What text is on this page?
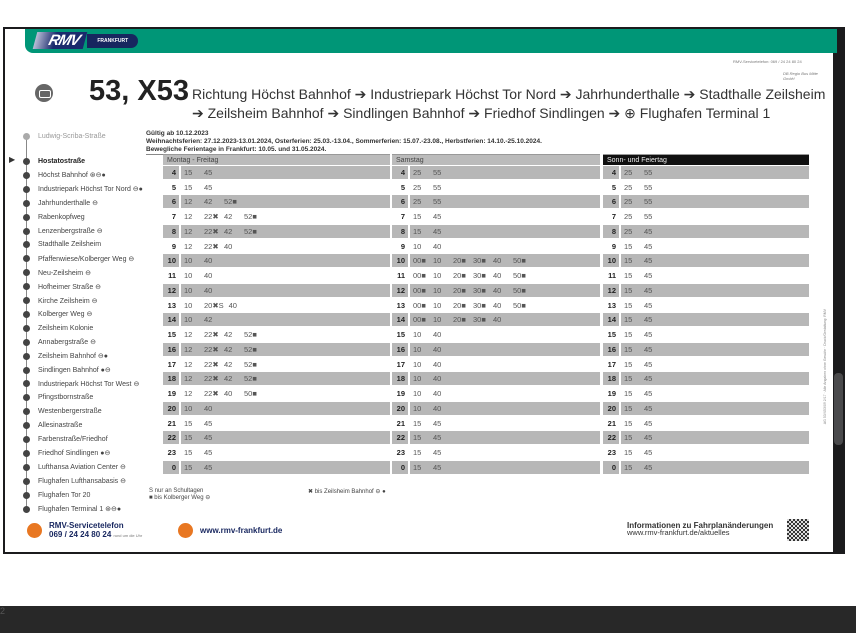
RMV	FRANKFURT
RMV-Servicetelefon: 069 / 24 24 80 24
DB Regio Bus Mitte GmbH
53, X53 Richtung Höchst Bahnhof ➔ Industriepark Höchst Tor Nord ➔ Jahrhunderthalle ➔ Stadthalle Zeilsheim ➔ Zeilsheim Bahnhof ➔ Sindlingen Bahnhof ➔ Friedhof Sindlingen ➔ ⊕ Flughafen Terminal 1
Gültig ab 10.12.2023
Weihnachtsferien: 27.12.2023-13.01.2024, Osterferien: 25.03.-13.04., Sommerferien: 15.07.-23.08., Herbstferien: 14.10.-25.10.2024.
Bewegliche Ferientage in Frankfurt: 10.05. und 31.05.2024.
▶
Ludwig-Scriba-Straße
Hostatostraße
Höchst Bahnhof ⊛⊖●
Industriepark Höchst Tor Nord ⊖●
Jahrhunderthalle ⊖
Rabenkopfweg
Lenzenbergstraße ⊖
Stadthalle Zeilsheim
Pfaffenwiese/Kolberger Weg ⊖
Neu-Zeilsheim ⊖
Hofheimer Straße ⊖
Kirche Zeilsheim ⊖
Kolberger Weg ⊖
Zeilsheim Kolonie
Annabergstraße ⊖
Zeilsheim Bahnhof ⊖●
Sindlingen Bahnhof ●⊖
Industriepark Höchst Tor West ⊖
Pfingstbornstraße
Westenbergerstraße
Allesinastraße
Farbenstraße/Friedhof
Friedhof Sindlingen ●⊖
Lufthansa Aviation Center ⊖
Flughafen Lufthansabasis ⊖
Flughafen Tor 20
Flughafen Terminal 1 ⊛⊖●
Montag - Freitag
4	15	45
5	15	45
6	12	42	52■
7	12	22✖ 42	52■
8	12	22✖ 42	52■
9	12	22✖ 40
10	10	40
11	10	40
12	10	40
13	10	20✖S 40
14	10	42
15	12	22✖ 42	52■
16	12	22✖ 42	52■
17	12	22✖ 42	52■
18	12	22✖ 42	52■
19	12	22✖ 40	50■
20	10	40
21	15	45
22	15	45
23	15	45
0	15	45
Samstag
4	25	55
5	25	55
6	25	55
7	15	45
8	15	45
9	10	40
10	00■ 10	20■ 30■ 40	50■
11	00■ 10	20■ 30■ 40	50■
12	00■ 10	20■ 30■ 40	50■
13	00■ 10	20■ 30■ 40	50■
14	00■ 10	20■ 30■ 40
15	10	40
16	10	40
17	10	40
18	10	40
19	10	40
20	10	40
21	15	45
22	15	45
23	15	45
0	15	45
Sonn- und Feiertag
4	25	55
5	25	55
6	25	55
7	25	55
8	25	45
9	15	45
10	15	45
11	15	45
12	15	45
13	15	45
14	15	45
15	15	45
16	15	45
17	15	45
18	15	45
19	15	45
20	15	45
21	15	45
22	15	45
23	15	45
0	15	45
S nur an Schultagen
■ bis Kolberger Weg ⊖
✖ bis Zeilsheim Bahnhof ⊖ ●
RMV-Servicetelefon
069 / 24 24 80 24 rund um die Uhr
www.rmv-frankfurt.de
Informationen zu Fahrplanänderungen
www.rmv-frankfurt.de/aktuelles
AG 53/X53/09 2/17 · Alle Angaben ohne Gewähr · Druck/Gestaltung: RMV
2
